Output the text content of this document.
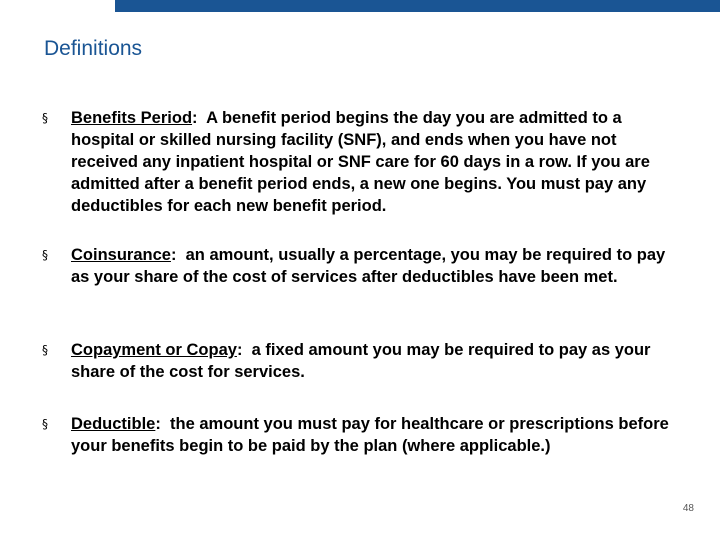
Definitions
§ Benefits Period:  A benefit period begins the day you are admitted to a hospital or skilled nursing facility (SNF), and ends when you have not received any inpatient hospital or SNF care for 60 days in a row. If you are admitted after a benefit period ends, a new one begins. You must pay any deductibles for each new benefit period.

§ Coinsurance:  an amount, usually a percentage, you may be required to pay as your share of the cost of services after deductibles have been met.

§ Copayment or Copay:  a fixed amount you may be required to pay as your share of the cost for services.

§ Deductible:  the amount you must pay for healthcare or prescriptions before your benefits begin to be paid by the plan (where applicable.)

48
